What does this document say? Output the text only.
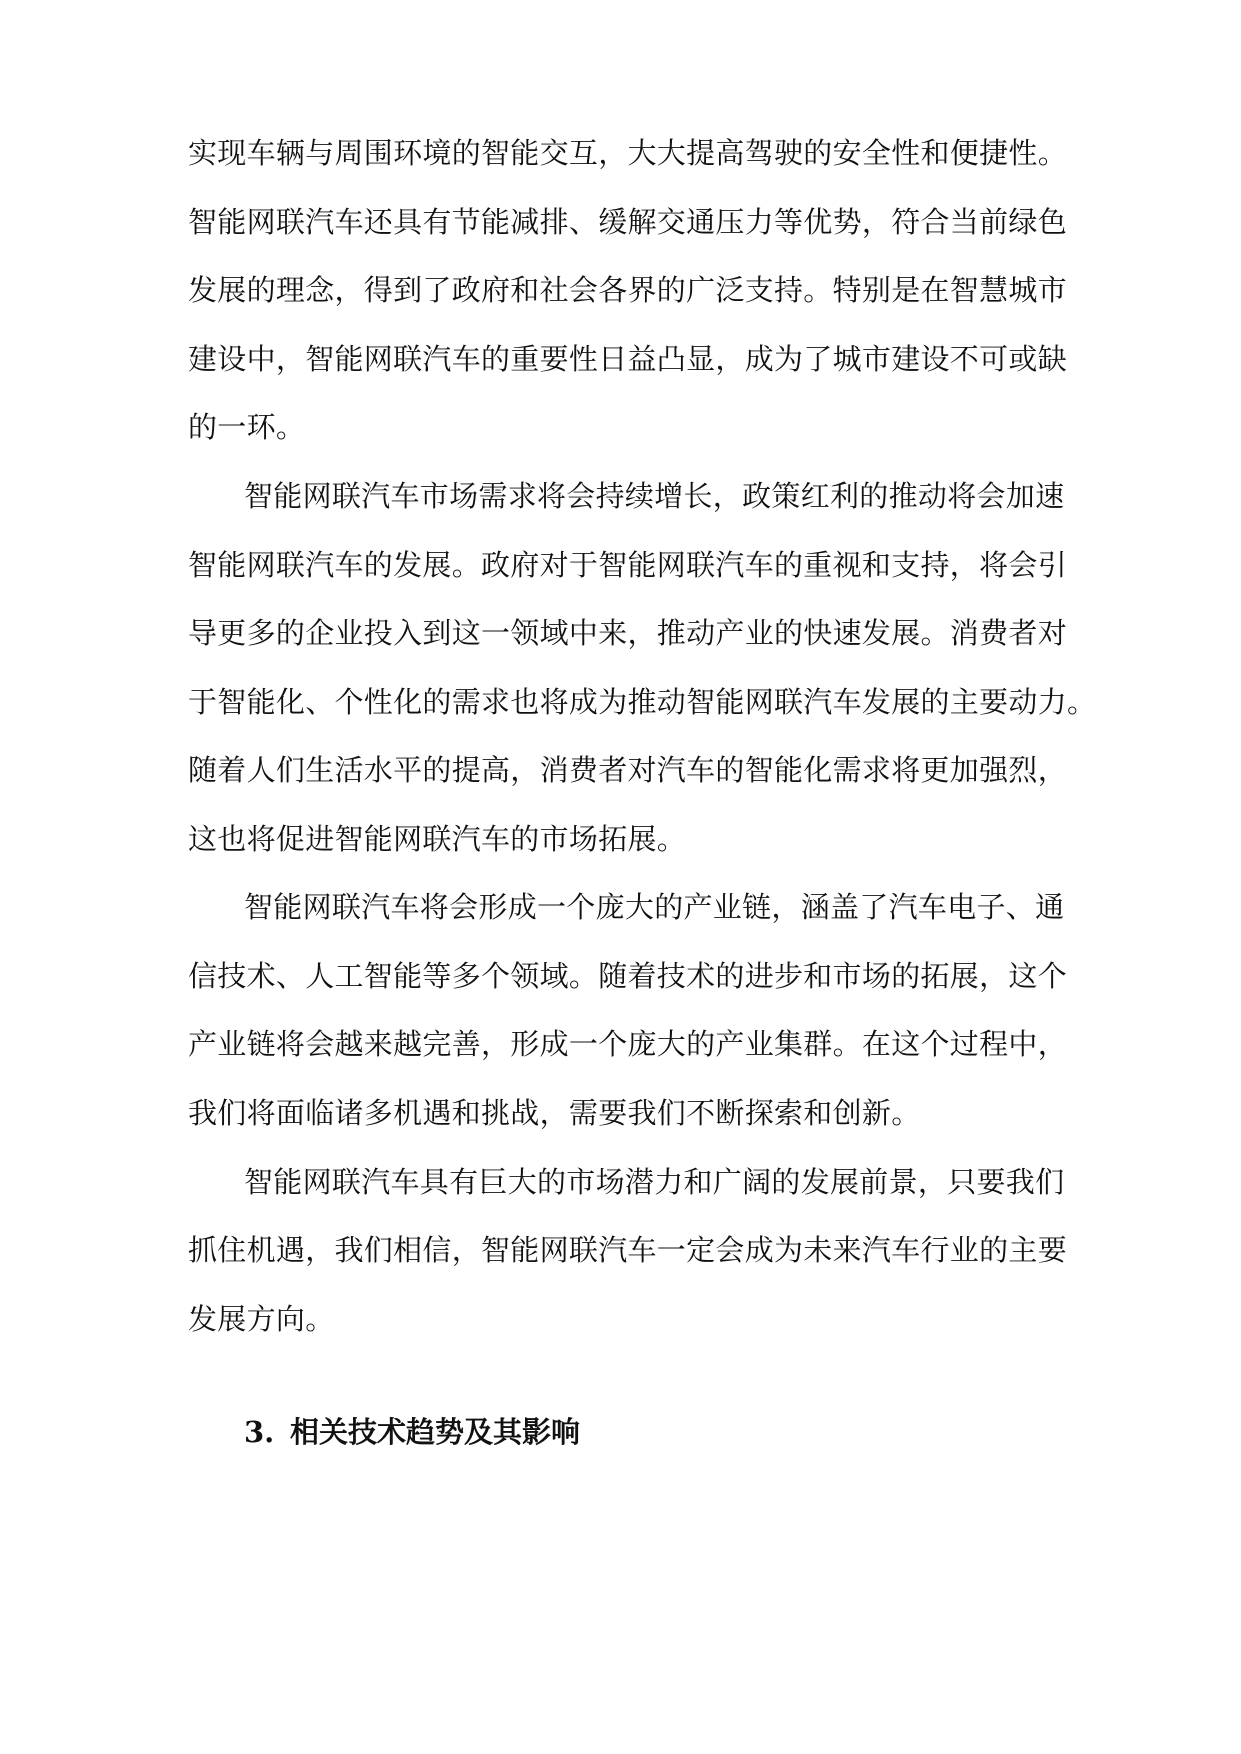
实现车辆与周围环境的智能交互，大大提高驾驶的安全性和便捷性。
智能网联汽车还具有节能减排、缓解交通压力等优势，符合当前绿色
发展的理念，得到了政府和社会各界的广泛支持。特别是在智慧城市
建设中，智能网联汽车的重要性日益凸显，成为了城市建设不可或缺
的一环。
智能网联汽车市场需求将会持续增长，政策红利的推动将会加速
智能网联汽车的发展。政府对于智能网联汽车的重视和支持，将会引
导更多的企业投入到这一领域中来，推动产业的快速发展。消费者对
于智能化、个性化的需求也将成为推动智能网联汽车发展的主要动力。
随着人们生活水平的提高，消费者对汽车的智能化需求将更加强烈，
这也将促进智能网联汽车的市场拓展。
智能网联汽车将会形成一个庞大的产业链，涵盖了汽车电子、通
信技术、人工智能等多个领域。随着技术的进步和市场的拓展，这个
产业链将会越来越完善，形成一个庞大的产业集群。在这个过程中，
我们将面临诸多机遇和挑战，需要我们不断探索和创新。
智能网联汽车具有巨大的市场潜力和广阔的发展前景，只要我们
抓住机遇，我们相信，智能网联汽车一定会成为未来汽车行业的主要
发展方向。
3. 相关技术趋势及其影响
